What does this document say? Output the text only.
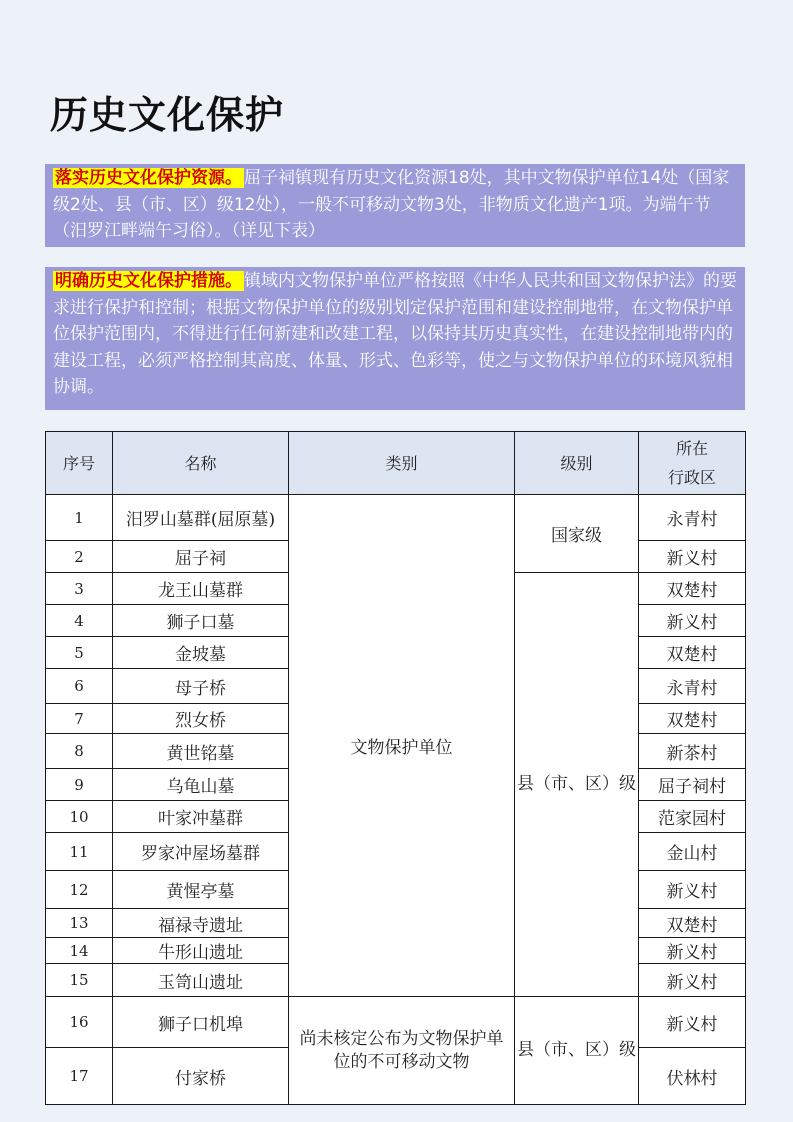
历史文化保护
落实历史文化保护资源。 屈子祠镇现有历史文化资源18处，其中文物保护单位14处（国家级2处、县（市、区）级12处），一般不可移动文物3处，非物质文化遗产1项。为端午节（汨罗江畔端午习俗）。（详见下表）
明确历史文化保护措施。 镇域内文物保护单位严格按照《中华人民共和国文物保护法》的要求进行保护和控制；根据文物保护单位的级别划定保护范围和建设控制地带，在文物保护单位保护范围内，不得进行任何新建和改建工程，以保持其历史真实性，在建设控制地带内的建设工程，必须严格控制其高度、体量、形式、色彩等，使之与文物保护单位的环境风貌相协调。
序号	名称	类别	级别	所在
行政区
1	汨罗山墓群(屈原墓)	文物保护单位	国家级	永青村
2	屈子祠			新义村
3	龙王山墓群		县（市、区）级	双楚村
4	狮子口墓			新义村
5	金坡墓			双楚村
6	母子桥			永青村
7	烈女桥			双楚村
8	黄世铭墓			新茶村
9	乌龟山墓			屈子祠村
10	叶家冲墓群			范家园村
11	罗家冲屋场墓群			金山村
12	黄惺亭墓			新义村
13	福禄寺遗址			双楚村
14	牛形山遗址			新义村
15	玉笥山遗址			新义村
16	狮子口机埠	尚未核定公布为文物保护单位的不可移动文物	县（市、区）级	新义村
17	付家桥			伏林村
